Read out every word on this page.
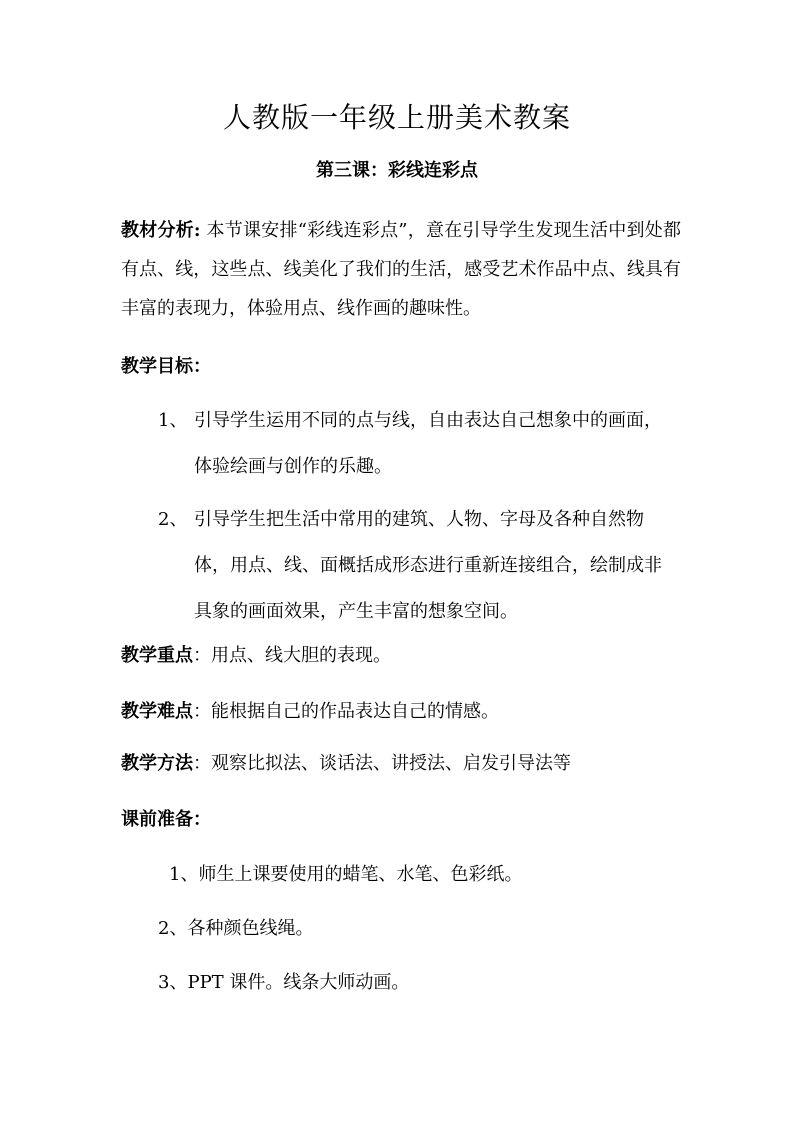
人教版一年级上册美术教案
第三课：彩线连彩点
教材分析: 本节课安排“彩线连彩点”，意在引导学生发现生活中到处都有点、线，这些点、线美化了我们的生活，感受艺术作品中点、线具有丰富的表现力，体验用点、线作画的趣味性。
教学目标：
1、 引导学生运用不同的点与线，自由表达自己想象中的画面，体验绘画与创作的乐趣。
2、 引导学生把生活中常用的建筑、人物、字母及各种自然物体，用点、线、面概括成形态进行重新连接组合，绘制成非具象的画面效果，产生丰富的想象空间。
教学重点：用点、线大胆的表现。
教学难点：能根据自己的作品表达自己的情感。
教学方法：观察比拟法、谈话法、讲授法、启发引导法等
课前准备：
1、师生上课要使用的蜡笔、水笔、色彩纸。
2、各种颜色线绳。
3、PPT 课件。线条大师动画。
